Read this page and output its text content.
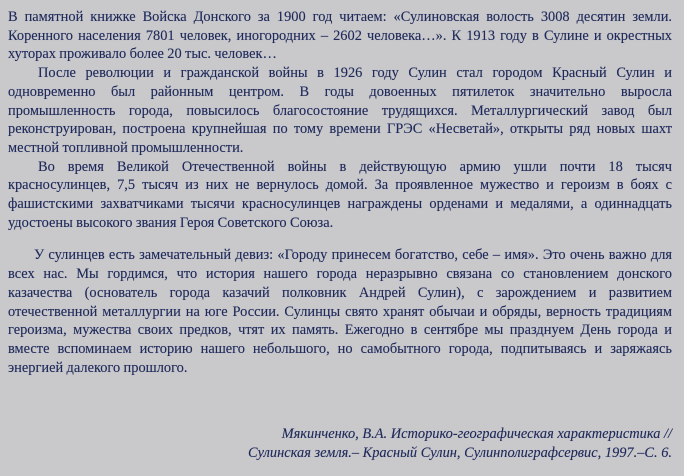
В памятной книжке Войска Донского за 1900 год читаем: «Сулиновская волость 3008 десятин земли. Коренного населения 7801 человек, иногородних – 2602 человека…». К 1913 году в Сулине и окрестных хуторах проживало более 20 тыс. человек…

После революции и гражданской войны в 1926 году Сулин стал городом Красный Сулин и одновременно был районным центром. В годы довоенных пятилеток значительно выросла промышленность города, повысилось благосостояние трудящихся. Металлургический завод был реконструирован, построена крупнейшая по тому времени ГРЭС «Несветай», открыты ряд новых шахт местной топливной промышленности.

Во время Великой Отечественной войны в действующую армию ушли почти 18 тысяч красносулинцев, 7,5 тысяч из них не вернулось домой. За проявленное мужество и героизм в боях с фашистскими захватчиками тысячи красносулинцев награждены орденами и медалями, а одиннадцать удостоены высокого звания Героя Советского Союза.

У сулинцев есть замечательный девиз: «Городу принесем богатство, себе – имя». Это очень важно для всех нас. Мы гордимся, что история нашего города неразрывно связана со становлением донского казачества (основатель города казачий полковник Андрей Сулин), с зарождением и развитием отечественной металлургии на юге России. Сулинцы свято хранят обычаи и обряды, верность традициям героизма, мужества своих предков, чтят их память. Ежегодно в сентябре мы празднуем День города и вместе вспоминаем историю нашего небольшого, но самобытного города, подпитываясь и заряжаясь энергией далекого прошлого.

Мякинченко, В.А. Историко-географическая характеристика //
Сулинская земля.– Красный Сулин, Сулинполиграфсервис, 1997.–С. 6.
